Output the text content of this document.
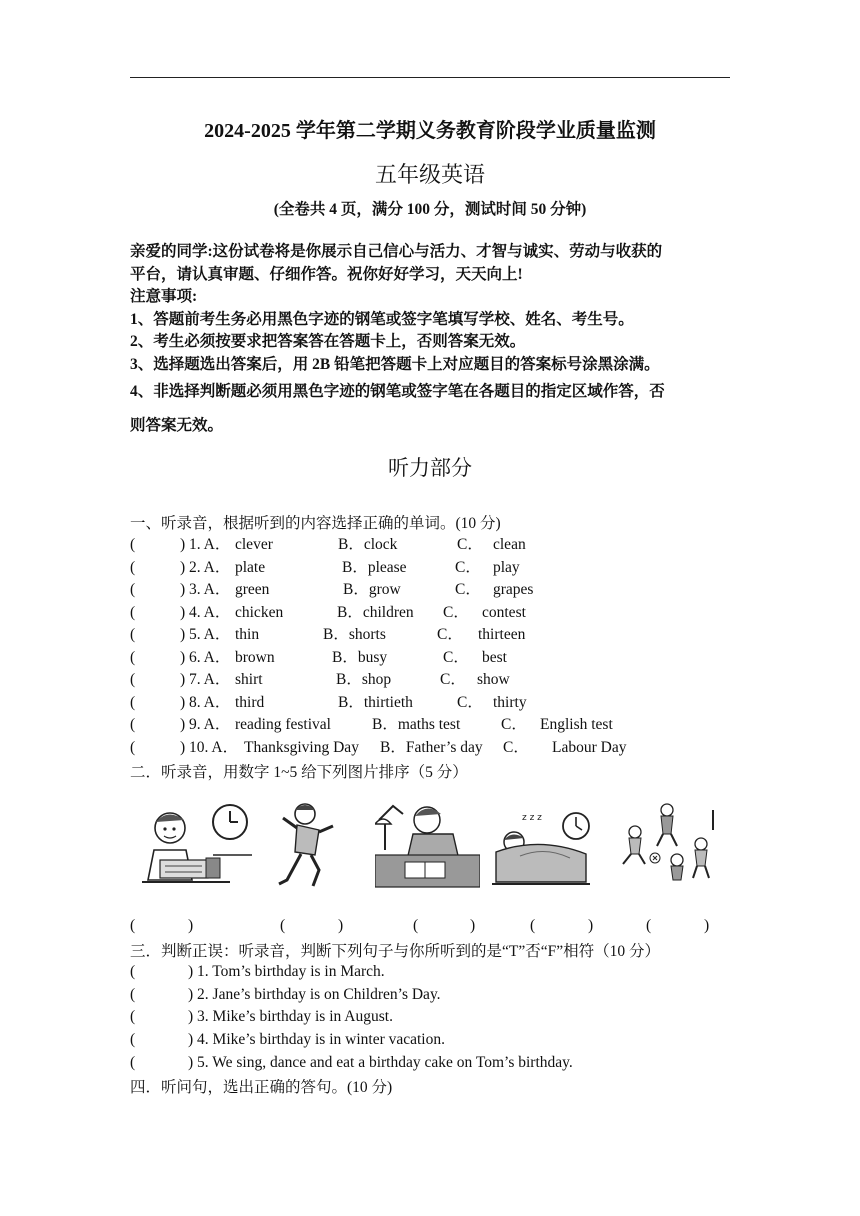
2024-2025 学年第二学期义务教育阶段学业质量监测
五年级英语
(全卷共 4 页，满分 100 分，测试时间 50 分钟)
亲爱的同学:这份试卷将是你展示自己信心与活力、才智与诚实、劳动与收获的
平台，请认真审题、仔细作答。祝你好好学习，天天向上!
注意事项:
1、答题前考生务必用黑色字迹的钢笔或签字笔填写学校、姓名、考生号。
2、考生必须按要求把答案答在答题卡上，否则答案无效。
3、选择题选出答案后，用 2B 铅笔把答题卡上对应题目的答案标号涂黑涂满。
4、非选择判断题必须用黑色字迹的钢笔或签字笔在各题目的指定区域作答，否
则答案无效。
听力部分
一、听录音，根据听到的内容选择正确的单词。(10 分)
(	) 1. A． clever	B．clock	C． clean
(	) 2. A． plate	B．please	C． play
(	) 3. A． green	B．grow	C． grapes
(	) 4. A． chicken	B．children C． contest
(	) 5. A． thin	B．shorts	C． thirteen
(	) 6. A． brown	B．busy	C． best
(	) 7. A． shirt	B．shop	C． show
(	) 8. A． third	B．thirtieth	C． thirty
(	) 9. A． reading festival	B．maths test	C． English test
(	) 10. A． Thanksgiving Day B．Father’s day C． Labour Day
二．听录音，用数字 1~5 给下列图片排序（5 分）
z z z
(	)	(	)	(	)	(	)	(	)
三．判断正误：听录音，判断下列句子与你所听到的是“T”否“F”相符（10 分）
(	) 1. Tom’s birthday is in March.
(	) 2. Jane’s birthday is on Children’s Day.
(	) 3. Mike’s birthday is in August.
(	) 4. Mike’s birthday is in winter vacation.
(	) 5. We sing, dance and eat a birthday cake on Tom’s birthday.
四．听问句，选出正确的答句。(10 分)
